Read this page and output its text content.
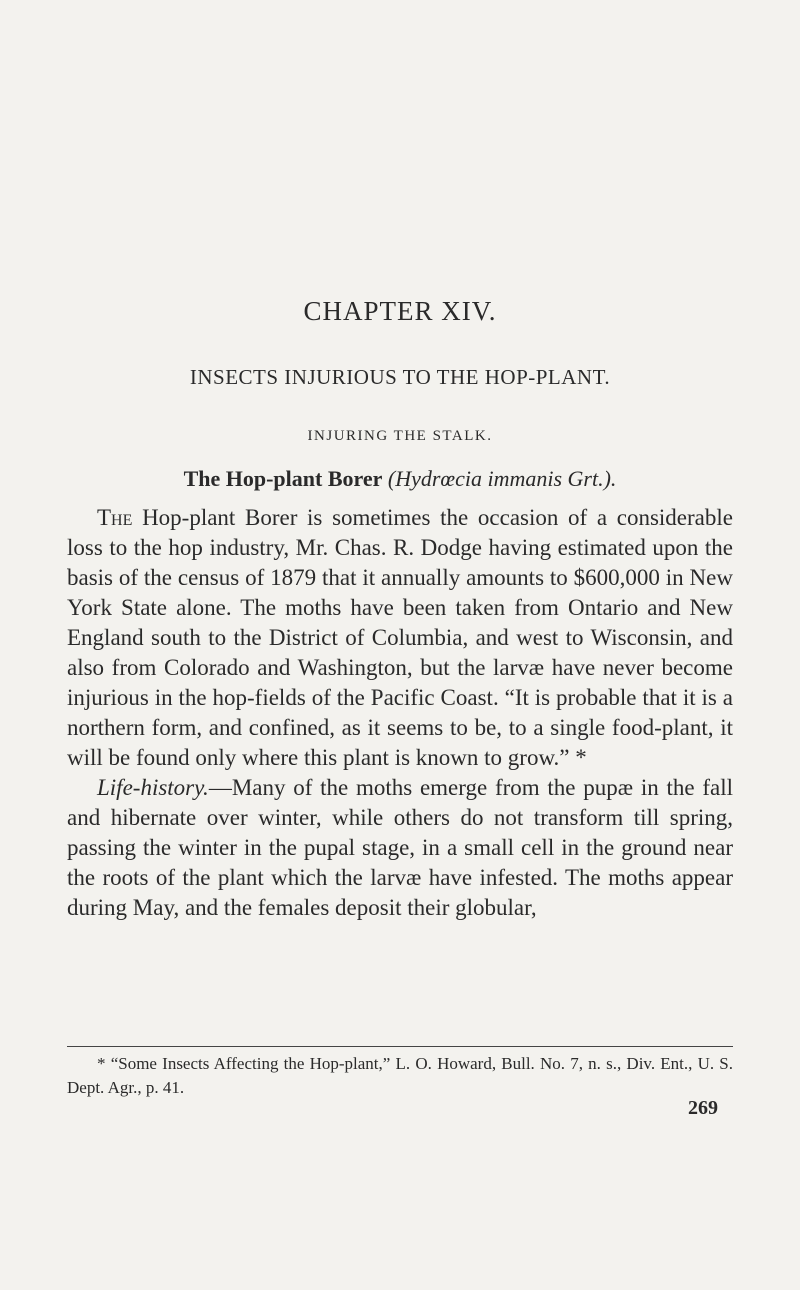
CHAPTER XIV.
INSECTS INJURIOUS TO THE HOP-PLANT.
INJURING THE STALK.
The Hop-plant Borer (Hydrœcia immanis Grt.).

The Hop-plant Borer is sometimes the occasion of a considerable loss to the hop industry, Mr. Chas. R. Dodge having estimated upon the basis of the census of 1879 that it annually amounts to $600,000 in New York State alone. The moths have been taken from Ontario and New England south to the District of Columbia, and west to Wisconsin, and also from Colorado and Washington, but the larvæ have never become injurious in the hop-fields of the Pacific Coast. “It is probable that it is a northern form, and confined, as it seems to be, to a single food-plant, it will be found only where this plant is known to grow.” *

Life-history.—Many of the moths emerge from the pupæ in the fall and hibernate over winter, while others do not transform till spring, passing the winter in the pupal stage, in a small cell in the ground near the roots of the plant which the larvæ have infested. The moths appear during May, and the females deposit their globular,

* “Some Insects Affecting the Hop-plant,” L. O. Howard, Bull. No. 7, n. s., Div. Ent., U. S. Dept. Agr., p. 41.

269
